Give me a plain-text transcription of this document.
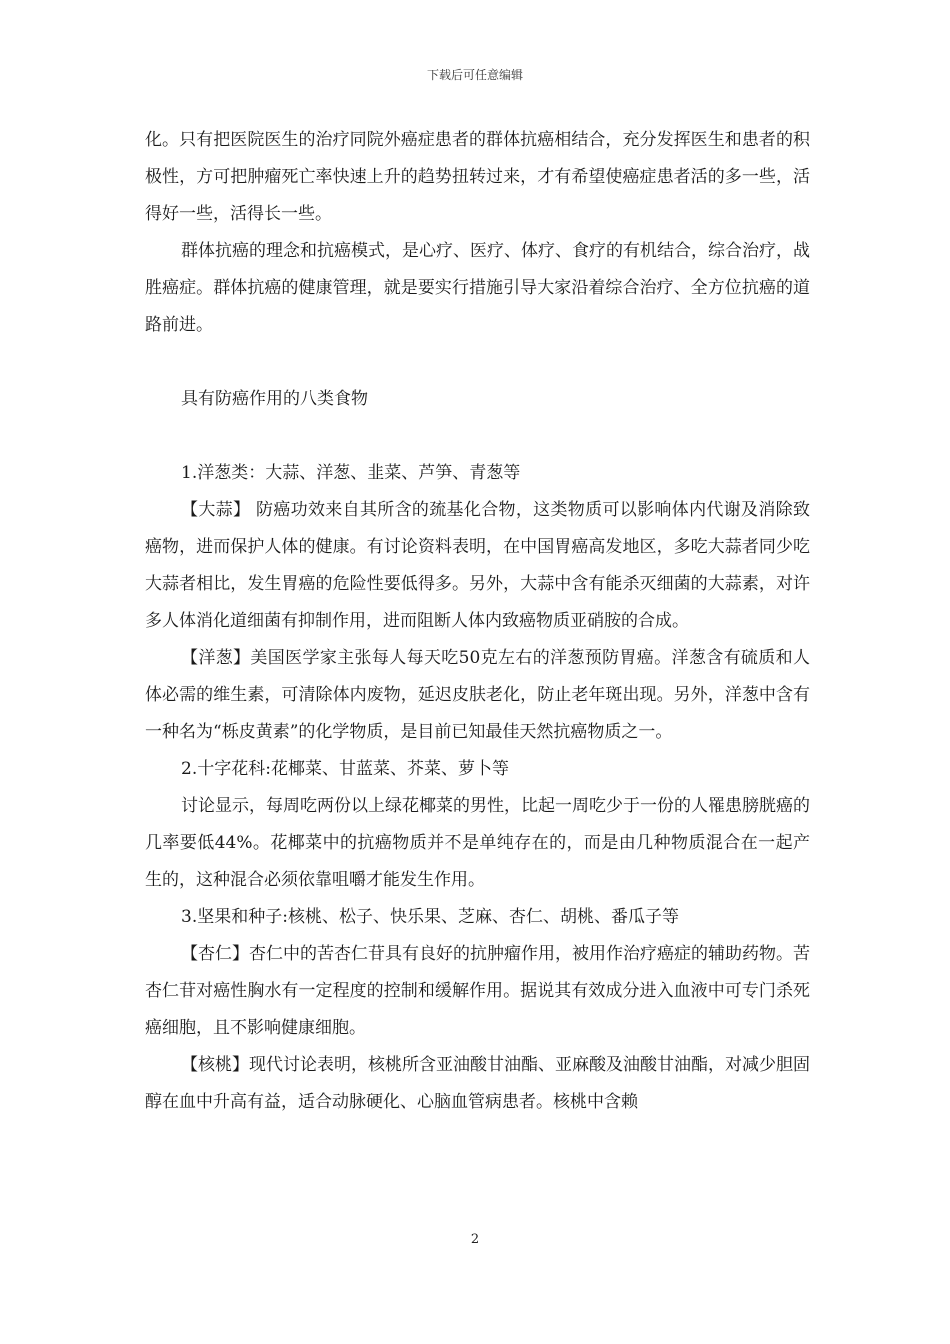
下载后可任意编辑

化。只有把医院医生的治疗同院外癌症患者的群体抗癌相结合，充分发挥医生和患者的积极性，方可把肿瘤死亡率快速上升的趋势扭转过来，才有希望使癌症患者活的多一些，活得好一些，活得长一些。

群体抗癌的理念和抗癌模式，是心疗、医疗、体疗、食疗的有机结合，综合治疗，战胜癌症。群体抗癌的健康管理，就是要实行措施引导大家沿着综合治疗、全方位抗癌的道路前进。

具有防癌作用的八类食物

1.洋葱类：大蒜、洋葱、韭菜、芦笋、青葱等

【大蒜】 防癌功效来自其所含的巯基化合物，这类物质可以影响体内代谢及消除致癌物，进而保护人体的健康。有讨论资料表明，在中国胃癌高发地区，多吃大蒜者同少吃大蒜者相比，发生胃癌的危险性要低得多。另外，大蒜中含有能杀灭细菌的大蒜素，对许多人体消化道细菌有抑制作用，进而阻断人体内致癌物质亚硝胺的合成。

【洋葱】美国医学家主张每人每天吃50克左右的洋葱预防胃癌。洋葱含有硫质和人体必需的维生素，可清除体内废物，延迟皮肤老化，防止老年斑出现。另外，洋葱中含有一种名为“栎皮黄素”的化学物质，是目前已知最佳天然抗癌物质之一。

2.十字花科:花椰菜、甘蓝菜、芥菜、萝卜等

讨论显示，每周吃两份以上绿花椰菜的男性，比起一周吃少于一份的人罹患膀胱癌的几率要低44%。花椰菜中的抗癌物质并不是单纯存在的，而是由几种物质混合在一起产生的，这种混合必须依靠咀嚼才能发生作用。

3.坚果和种子:核桃、松子、快乐果、芝麻、杏仁、胡桃、番瓜子等

【杏仁】杏仁中的苦杏仁苷具有良好的抗肿瘤作用，被用作治疗癌症的辅助药物。苦杏仁苷对癌性胸水有一定程度的控制和缓解作用。据说其有效成分进入血液中可专门杀死癌细胞，且不影响健康细胞。

【核桃】现代讨论表明，核桃所含亚油酸甘油酯、亚麻酸及油酸甘油酯，对减少胆固醇在血中升高有益，适合动脉硬化、心脑血管病患者。核桃中含赖

2
